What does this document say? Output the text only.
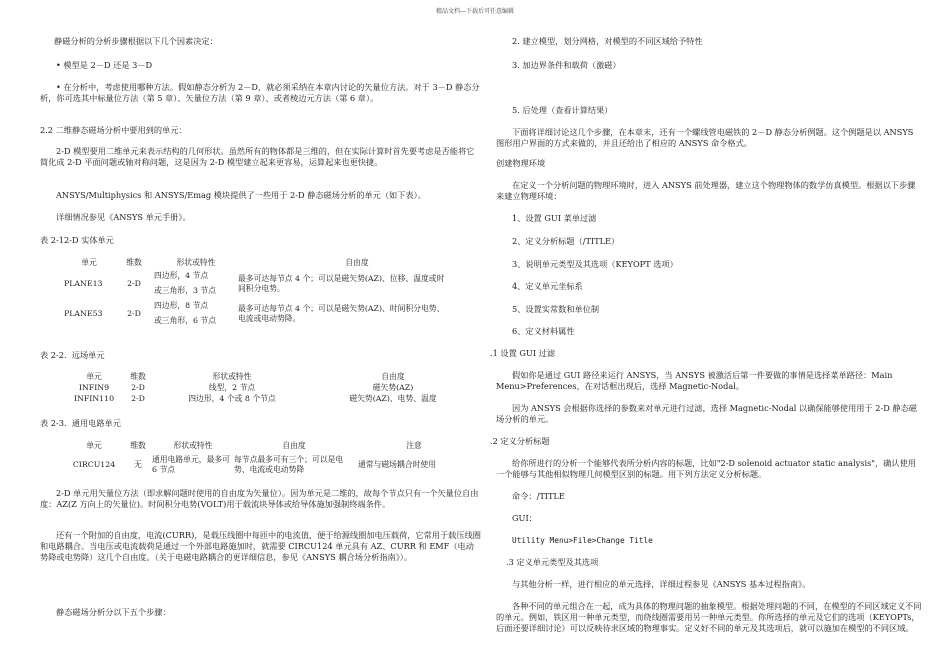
精品文档---下载后可任意编辑

静磁分析的分析步骤根据以下几个因素决定：

• 模型是 2－D 还是 3－D

• 在分析中，考虑使用哪种方法。假如静态分析为 2－D，就必须采纳在本章内讨论的矢量位方法。对于 3－D 静态分析，你可选其中标量位方法（第 5 章）、矢量位方法（第 9 章）、或者棱边元方法（第 6 章）。

2.2 二维静态磁场分析中要用到的单元：

2-D 模型要用二维单元来表示结构的几何形状。虽然所有的物体都是三维的，但在实际计算时首先要考虑是否能将它简化成 2-D 平面问题或轴对称问题，这是因为 2-D 模型建立起来更容易，运算起来也更快捷。

ANSYS/Multiphysics 和 ANSYS/Emag 模块提供了一些用于 2-D 静态磁场分析的单元（如下表）。

详细情况参见《ANSYS 单元手册》。

表 2-12-D 实体单元

单元	维数	形状或特性	自由度
PLANE13	2-D	四边形，4 节点	最多可达每节点 4 个；可以是磁矢势(AZ)、位移、温度或时间积分电势。
		或三角形，3 节点	
PLANE53	2-D	四边形，8 节点	最多可达每节点 4 个；可以是磁矢势(AZ)、时间积分电势、电流或电动势降。
		或三角形，6 节点	

表 2-2.  远场单元

单元	维数	形状或特性	自由度
INFIN9	2-D	线型，2 节点	磁矢势(AZ)
INFIN110	2-D	四边形，4 个或 8 个节点	磁矢势(AZ)、电势、温度

表 2-3.  通用电路单元

单元	维数	形状或特性	自由度	注意
CIRCU124	无	通用电路单元，最多可 6 节点	每节点最多可有三个；可以是电势、电流或电动势降	通常与磁场耦合时使用

2-D 单元用矢量位方法（即求解问题时使用的自由度为矢量位）。因为单元是二维的，故每个节点只有一个矢量位自由度：AZ(Z 方向上的矢量位)。时间积分电势(VOLT)用于载流块导体或给导体施加强制终端条件。

还有一个附加的自由度，电流(CURR)，是载压线圈中每匝中的电流值，便于给源线圈加电压载荷，它常用于载压线圈和电路耦合。当电压或电流载荷是通过一个外部电路施加时，就需要 CIRCU124 单元具有 AZ、CURR 和 EMF（电动势降或电势降）这几个自由度。（关于电磁电路耦合的更详细信息，参见《ANSYS 耦合场分析指南》）。

静态磁场分析分以下五个步骤：

2. 建立模型，划分网格，对模型的不同区域给予特性

3. 加边界条件和载荷（激磁）

5. 后处理（查看计算结果）

下面将详细讨论这几个步骤，在本章末，还有一个螺线管电磁铁的 2－D 静态分析例题。这个例题是以 ANSYS 图形用户界面的方式来做的，并且还给出了相应的 ANSYS 命令格式。

创建物理环境

在定义一个分析问题的物理环境时，进入 ANSYS 前处理器，建立这个物理物体的数学仿真模型。根据以下步骤来建立物理环境：

1、设置 GUI 菜单过滤

2、定义分析标题（/TITLE）

3、说明单元类型及其选项（KEYOPT 选项）

4、定义单元坐标系

5、设置实常数和单位制

6、定义材料属性

.1 设置 GUI 过滤

假如你是通过 GUI 路径来运行 ANSYS，当 ANSYS 被激活后第一件要做的事情是选择菜单路径：Main Menu>Preferences，在对话框出现后，选择 Magnetic-Nodal。

因为 ANSYS 会根据你选择的参数来对单元进行过滤，选择 Magnetic-Nodal 以确保能够使用用于 2-D 静态磁场分析的单元。

.2 定义分析标题

给你所进行的分析一个能够代表所分析内容的标题，比如"2-D solenoid actuator static analysis"，确认使用一个能够与其他相似物理几何模型区别的标题。用下列方法定义分析标题。

命令：/TITLE

GUI：

Utility Menu>File>Change Title

.3 定义单元类型及其选项

与其他分析一样，进行相应的单元选择，详细过程参见《ANSYS 基本过程指南》。

各种不同的单元组合在一起，成为具体的物理问题的抽象模型。根据处理问题的不同，在模型的不同区域定义不同的单元。例如，铁区用一种单元类型，而绕线圈需要用另一种单元类型。你所选择的单元及它们的选项（KEYOPTs，后面还要详细讨论）可以反映待求区域的物理事实。定义好不同的单元及其选项后，就可以施加在模型的不同区域。
